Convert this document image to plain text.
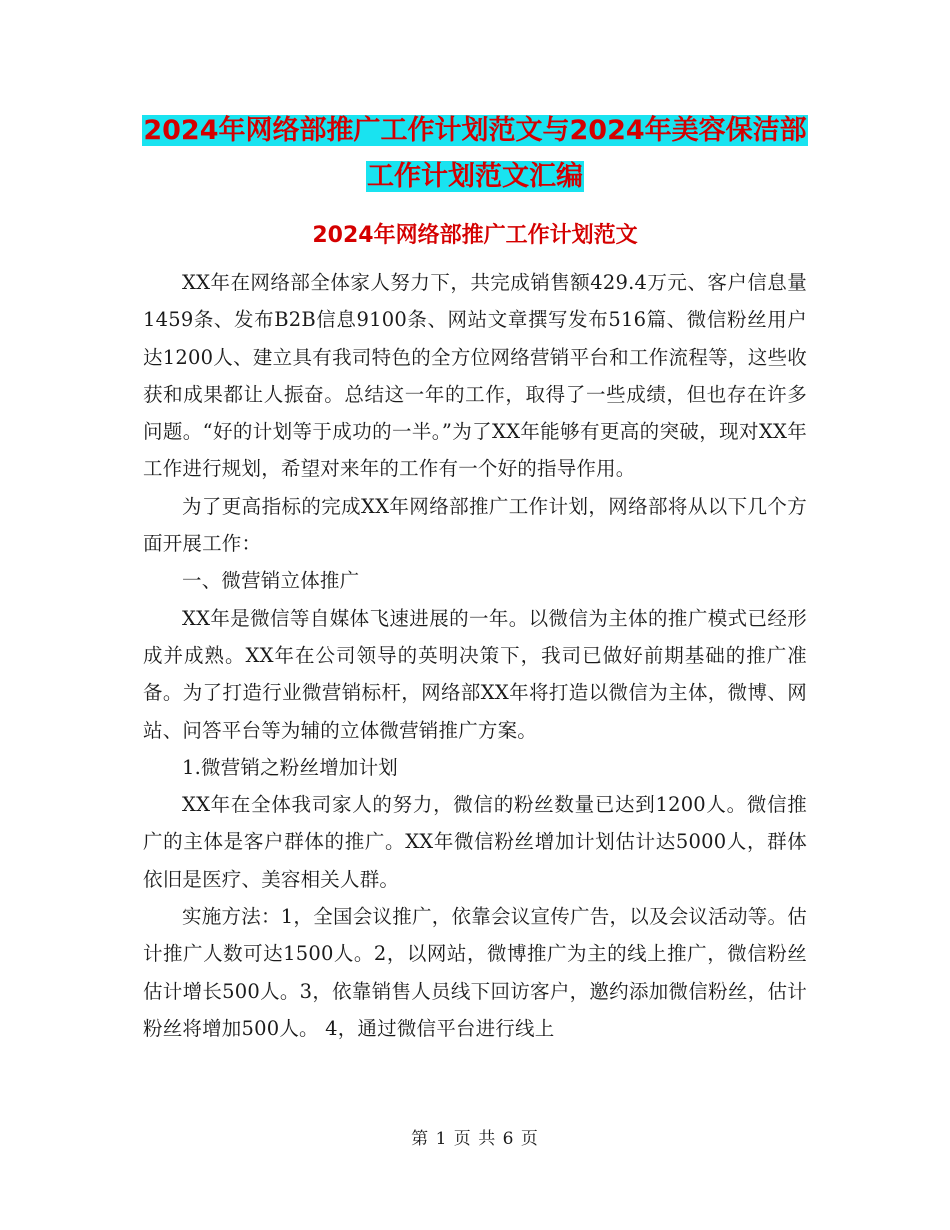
2024年网络部推广工作计划范文与2024年美容保洁部
工作计划范文汇编
2024年网络部推广工作计划范文

XX年在网络部全体家人努力下，共完成销售额429.4万元、客户信息量1459条、发布B2B信息9100条、网站文章撰写发布516篇、微信粉丝用户达1200人、建立具有我司特色的全方位网络营销平台和工作流程等，这些收获和成果都让人振奋。总结这一年的工作，取得了一些成绩，但也存在许多问题。“好的计划等于成功的一半。”为了XX年能够有更高的突破，现对XX年工作进行规划，希望对来年的工作有一个好的指导作用。

为了更高指标的完成XX年网络部推广工作计划，网络部将从以下几个方面开展工作：

一、微营销立体推广

XX年是微信等自媒体飞速进展的一年。以微信为主体的推广模式已经形成并成熟。XX年在公司领导的英明决策下，我司已做好前期基础的推广准备。为了打造行业微营销标杆，网络部XX年将打造以微信为主体，微博、网站、问答平台等为辅的立体微营销推广方案。

1.微营销之粉丝增加计划

XX年在全体我司家人的努力，微信的粉丝数量已达到1200人。微信推广的主体是客户群体的推广。XX年微信粉丝增加计划估计达5000人，群体依旧是医疗、美容相关人群。

实施方法：1，全国会议推广，依靠会议宣传广告，以及会议活动等。估计推广人数可达1500人。2，以网站，微博推广为主的线上推广，微信粉丝估计增长500人。3，依靠销售人员线下回访客户，邀约添加微信粉丝，估计粉丝将增加500人。 4，通过微信平台进行线上

第 1 页 共 6 页
